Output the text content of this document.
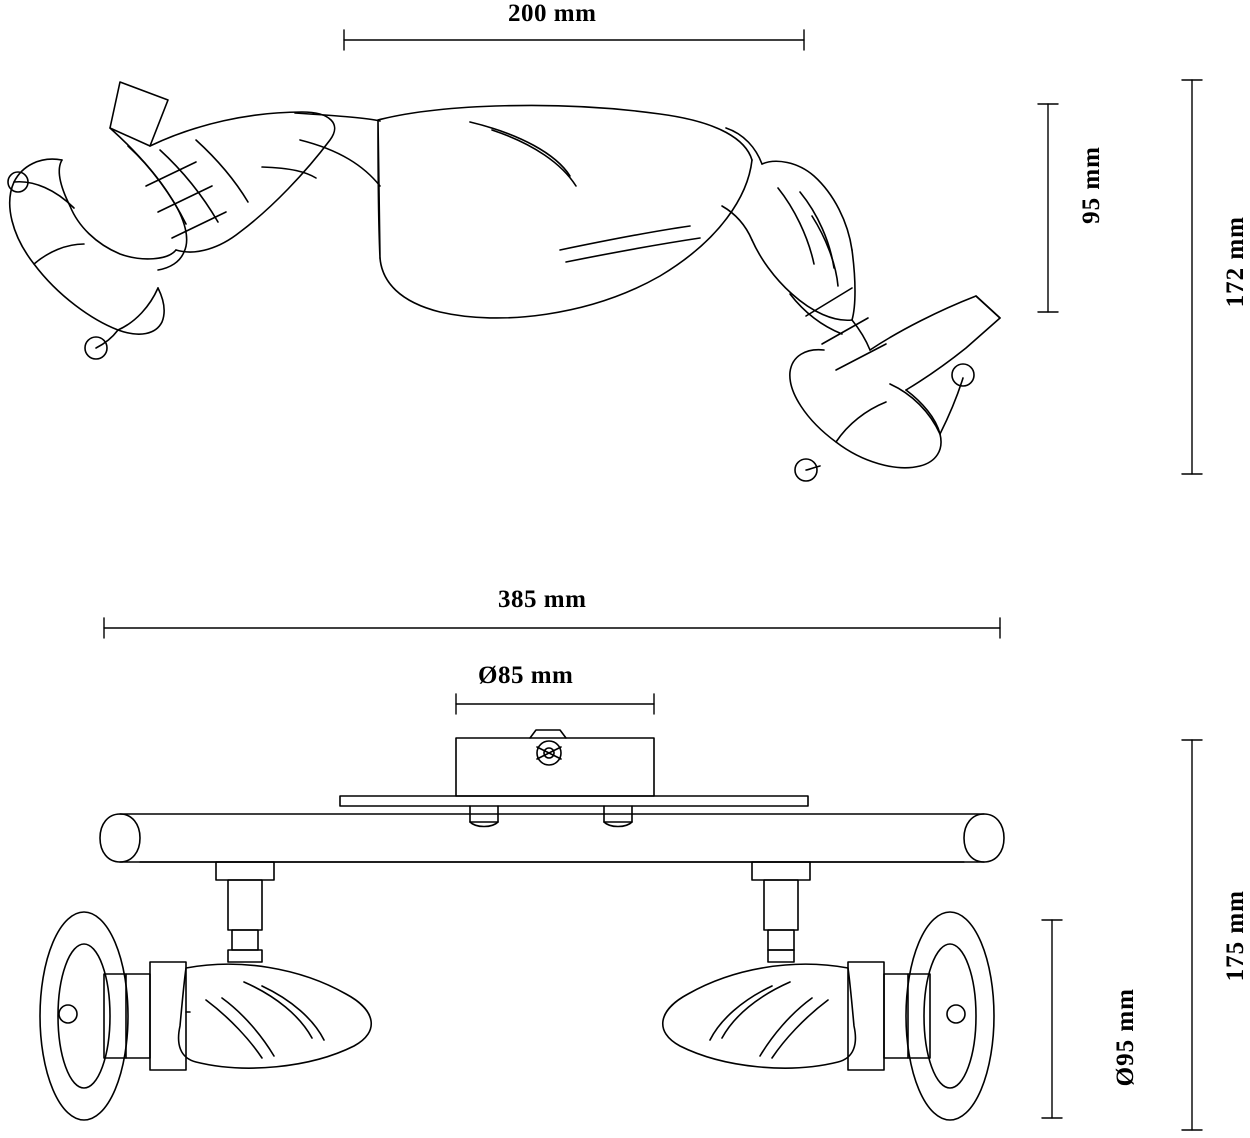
200 mm
95 mm
172 mm
385 mm
Ø85 mm
175 mm
Ø95 mm
